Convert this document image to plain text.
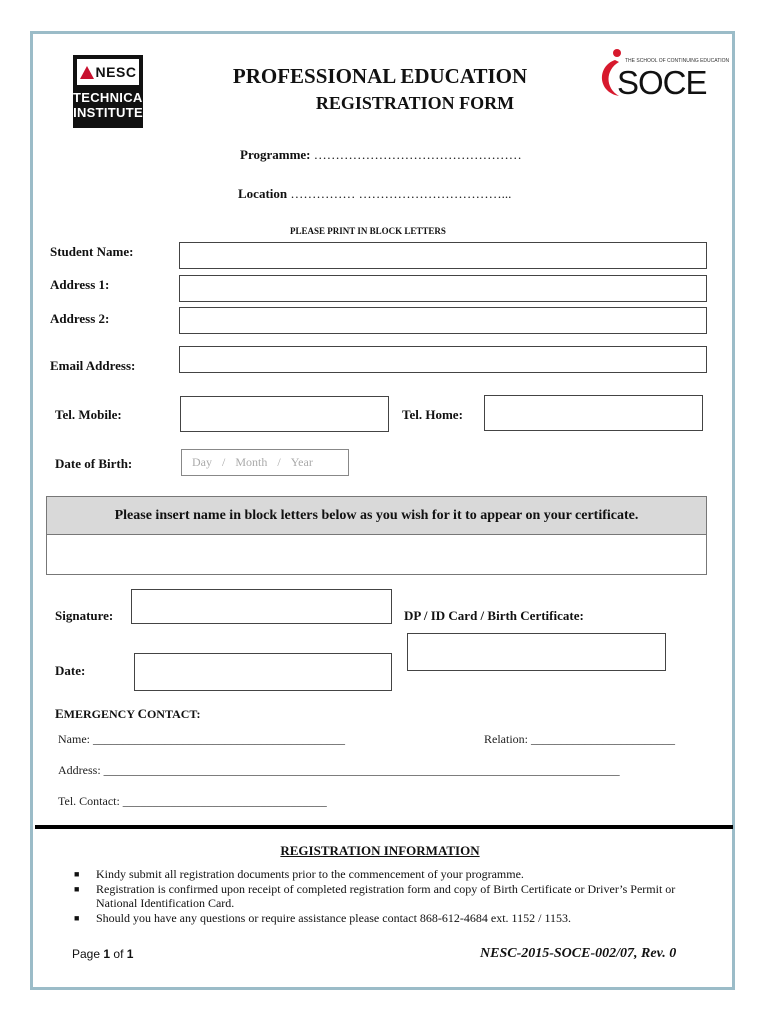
NESC
TECHNICAL
INSTITUTE
THE SCHOOL OF CONTINUING EDUCATION
SOCE
PROFESSIONAL EDUCATION
REGISTRATION FORM
Programme: …………………………………………
Location …………… ……………………………...
PLEASE PRINT IN BLOCK LETTERS
Student Name:
Address 1:
Address 2:
Email Address:
Tel. Mobile:	Tel. Home:
Date of Birth:	Day / Month / Year
Please insert name in block letters below as you wish for it to appear on your certificate.
Signature:	DP / ID Card / Birth Certificate:
Date:
EMERGENCY CONTACT:
Name: __________________________________________	Relation: ________________________
Address: ______________________________________________________________________________________
Tel. Contact: __________________________________
REGISTRATION INFORMATION
■ Kindy submit all registration documents prior to the commencement of your programme.
■ Registration is confirmed upon receipt of completed registration form and copy of Birth Certificate or Driver’s Permit or National Identification Card.
■ Should you have any questions or require assistance please contact 868-612-4684 ext. 1152 / 1153.
Page 1 of 1	NESC-2015-SOCE-002/07, Rev. 0
